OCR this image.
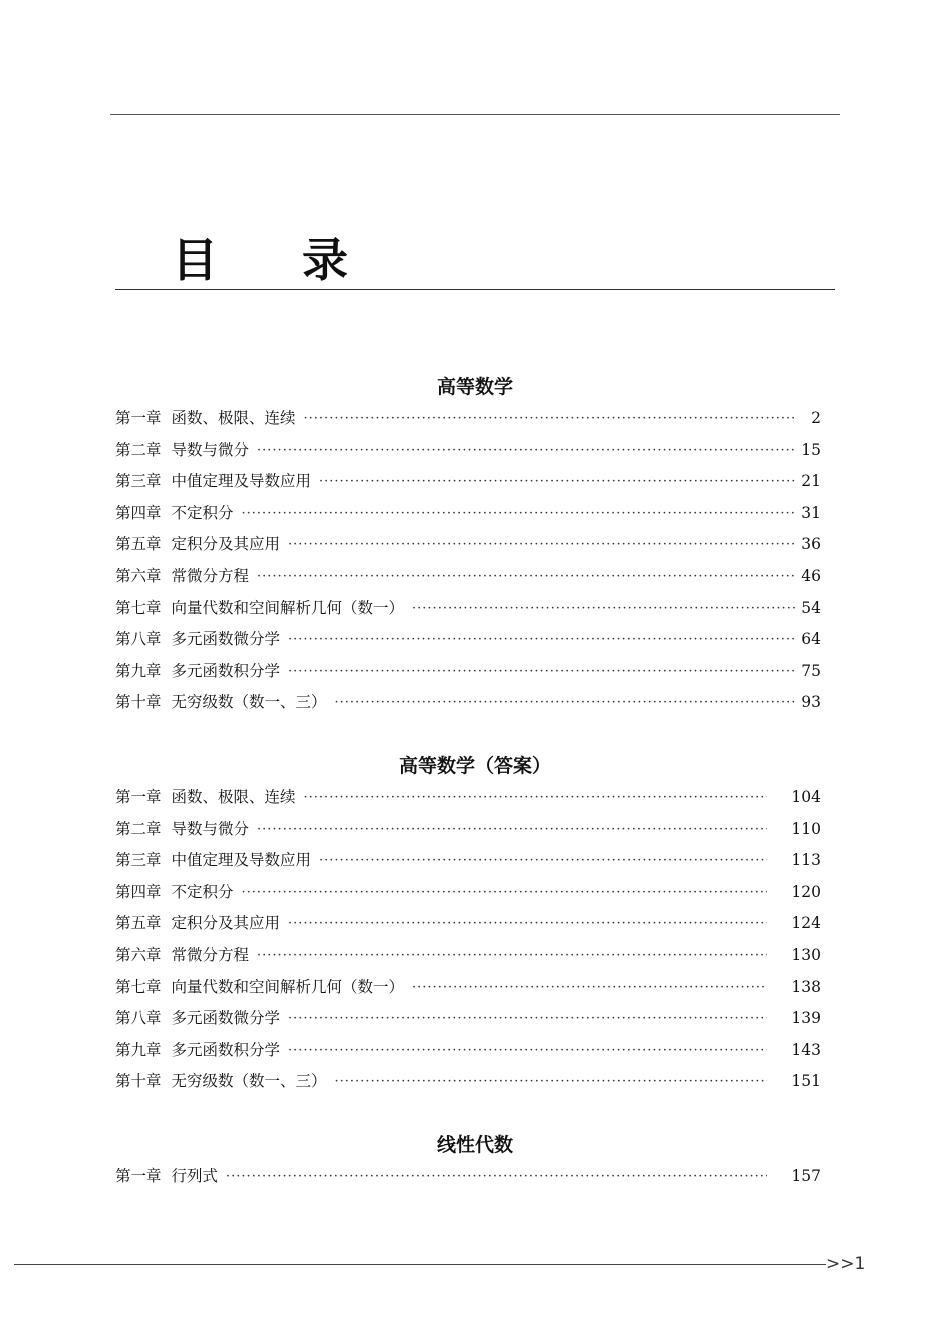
目 录
高等数学
第一章 函数、极限、连续 ·····	2
第二章 导数与微分 ·····	15
第三章 中值定理及导数应用 ·····	21
第四章 不定积分 ·····	31
第五章 定积分及其应用 ·····	36
第六章 常微分方程 ·····	46
第七章 向量代数和空间解析几何（数一） ·····	54
第八章 多元函数微分学 ·····	64
第九章 多元函数积分学 ·····	75
第十章 无穷级数（数一、三） ·····	93
高等数学（答案）
第一章 函数、极限、连续 ·····	104
第二章 导数与微分 ·····	110
第三章 中值定理及导数应用 ·····	113
第四章 不定积分 ·····	120
第五章 定积分及其应用 ·····	124
第六章 常微分方程 ·····	130
第七章 向量代数和空间解析几何（数一） ·····	138
第八章 多元函数微分学 ·····	139
第九章 多元函数积分学 ·····	143
第十章 无穷级数（数一、三） ·····	151
线性代数
第一章 行列式 ·····	157
>>1
